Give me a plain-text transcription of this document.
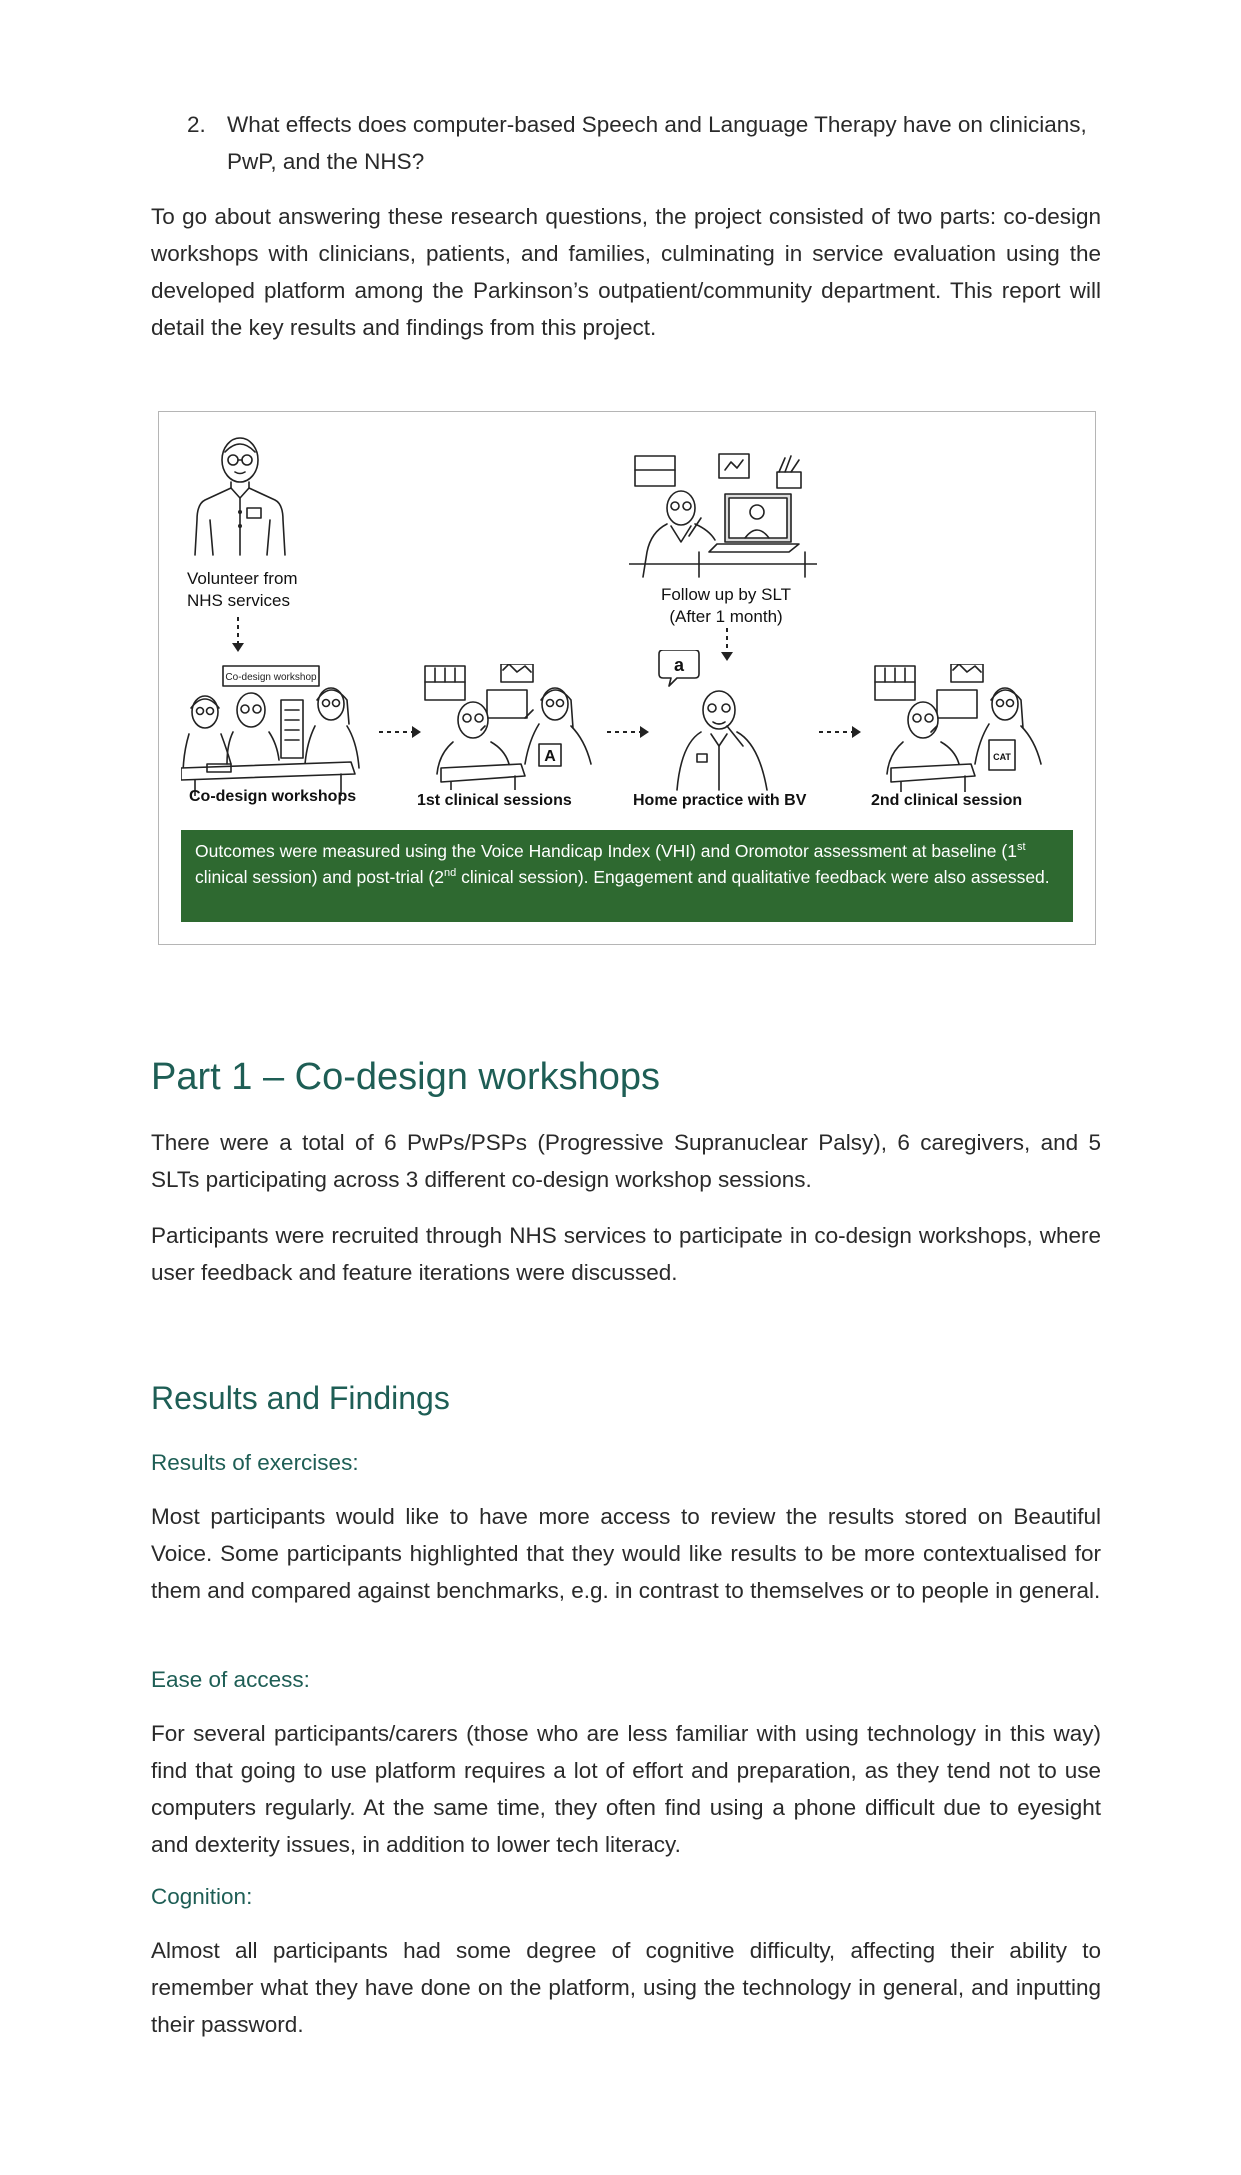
2. What effects does computer-based Speech and Language Therapy have on clinicians, PwP, and the NHS?

To go about answering these research questions, the project consisted of two parts: co-design workshops with clinicians, patients, and families, culminating in service evaluation using the developed platform among the Parkinson’s outpatient/community department. This report will detail the key results and findings from this project.

Volunteer from
NHS services	Follow up by SLT
(After 1 month)
Co-design workshop
Co-design workshops
A
1st clinical sessions
a
Home practice with BV
CAT
2nd clinical session
Outcomes were measured using the Voice Handicap Index (VHI) and Oromotor assessment at baseline (1st clinical session) and post-trial (2nd clinical session). Engagement and qualitative feedback were also assessed.
Part 1 – Co-design workshops

There were a total of 6 PwPs/PSPs (Progressive Supranuclear Palsy), 6 caregivers, and 5 SLTs participating across 3 different co-design workshop sessions.

Participants were recruited through NHS services to participate in co-design workshops, where user feedback and feature iterations were discussed.

Results and Findings
Results of exercises:

Most participants would like to have more access to review the results stored on Beautiful Voice. Some participants highlighted that they would like results to be more contextualised for them and compared against benchmarks, e.g. in contrast to themselves or to people in general.

Ease of access:

For several participants/carers (those who are less familiar with using technology in this way) find that going to use platform requires a lot of effort and preparation, as they tend not to use computers regularly. At the same time, they often find using a phone difficult due to eyesight and dexterity issues, in addition to lower tech literacy.

Cognition:

Almost all participants had some degree of cognitive difficulty, affecting their ability to remember what they have done on the platform, using the technology in general, and inputting their password.
